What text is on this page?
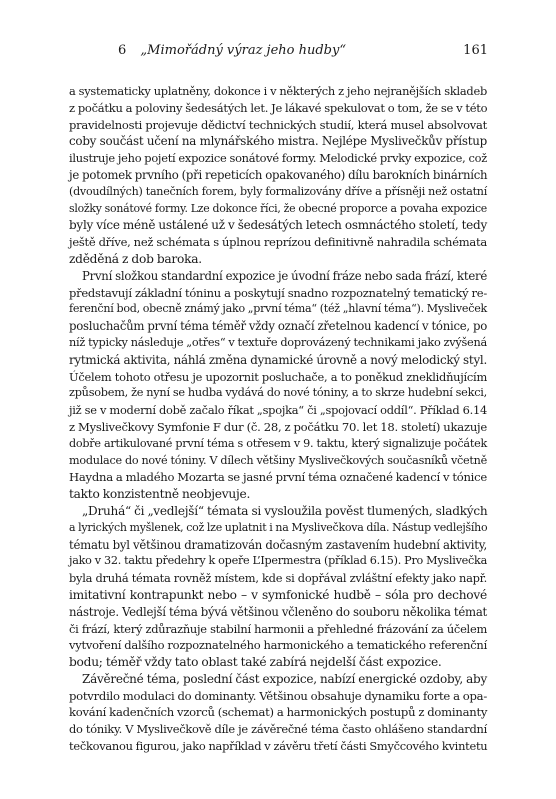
6 „Mimořádný výraz jeho hudby“	161
a systematicky uplatněny, dokonce i v některých z jeho nejranějších skladeb
z počátku a poloviny šedesátých let. Je lákavé spekulovat o tom, že se v této
pravidelnosti projevuje dědictví technických studií, která musel absolvovat
coby součást učení na mlynářského mistra. Nejlépe Myslivečkův přístup
ilustruje jeho pojetí expozice sonátové formy. Melodické prvky expozice, což
je potomek prvního (při repeticích opakovaného) dílu barokních binárních
(dvoudílných) tanečních forem, byly formalizovány dříve a přísněji než ostatní
složky sonátové formy. Lze dokonce říci, že obecné proporce a povaha expozice
byly více méně ustálené už v šedesátých letech osmnáctého století, tedy
ještě dříve, než schémata s úplnou reprízou definitivně nahradila schémata
zděděná z dob baroka.
První složkou standardní expozice je úvodní fráze nebo sada frází, které
představují základní tóninu a poskytují snadno rozpoznatelný tematický re-
ferenční bod, obecně známý jako „první téma“ (též „hlavní téma“). Mysliveček
posluchačům první téma téměř vždy označí zřetelnou kadencí v tónice, po
níž typicky následuje „otřes“ v textuře doprovázený technikami jako zvýšená
rytmická aktivita, náhlá změna dynamické úrovně a nový melodický styl.
Účelem tohoto otřesu je upozornit posluchače, a to poněkud zneklidňujícím
způsobem, že nyní se hudba vydává do nové tóniny, a to skrze hudební sekci,
již se v moderní době začalo říkat „spojka“ či „spojovací oddíl“. Příklad 6.14
z Myslivečkovy Symfonie F dur (č. 28, z počátku 70. let 18. století) ukazuje
dobře artikulované první téma s otřesem v 9. taktu, který signalizuje počátek
modulace do nové tóniny. V dílech většiny Myslivečkových současníků včetně
Haydna a mladého Mozarta se jasné první téma označené kadencí v tónice
takto konzistentně neobjevuje.
„Druhá“ či „vedlejší“ témata si vysloužila pověst tlumených, sladkých
a lyrických myšlenek, což lze uplatnit i na Myslivečkova díla. Nástup vedlejšího
tématu byl většinou dramatizován dočasným zastavením hudební aktivity,
jako v 32. taktu předehry k opeře L’Ipermestra (příklad 6.15). Pro Myslivečka
byla druhá témata rovněž místem, kde si dopřával zvláštní efekty jako např.
imitativní kontrapunkt nebo – v symfonické hudbě – sóla pro dechové
nástroje. Vedlejší téma bývá většinou včleněno do souboru několika témat
či frází, který zdůrazňuje stabilní harmonii a přehledné frázování za účelem
vytvoření dalšího rozpoznatelného harmonického a tematického referenční
bodu; téměř vždy tato oblast také zabírá nejdelší část expozice.
Závěrečné téma, poslední část expozice, nabízí energické ozdoby, aby
potvrdilo modulaci do dominanty. Většinou obsahuje dynamiku forte a opa-
kování kadenčních vzorců (schemat) a harmonických postupů z dominanty
do tóniky. V Myslivečkově díle je závěrečné téma často ohlášeno standardní
tečkovanou figurou, jako například v závěru třetí části Smyčcového kvintetu
